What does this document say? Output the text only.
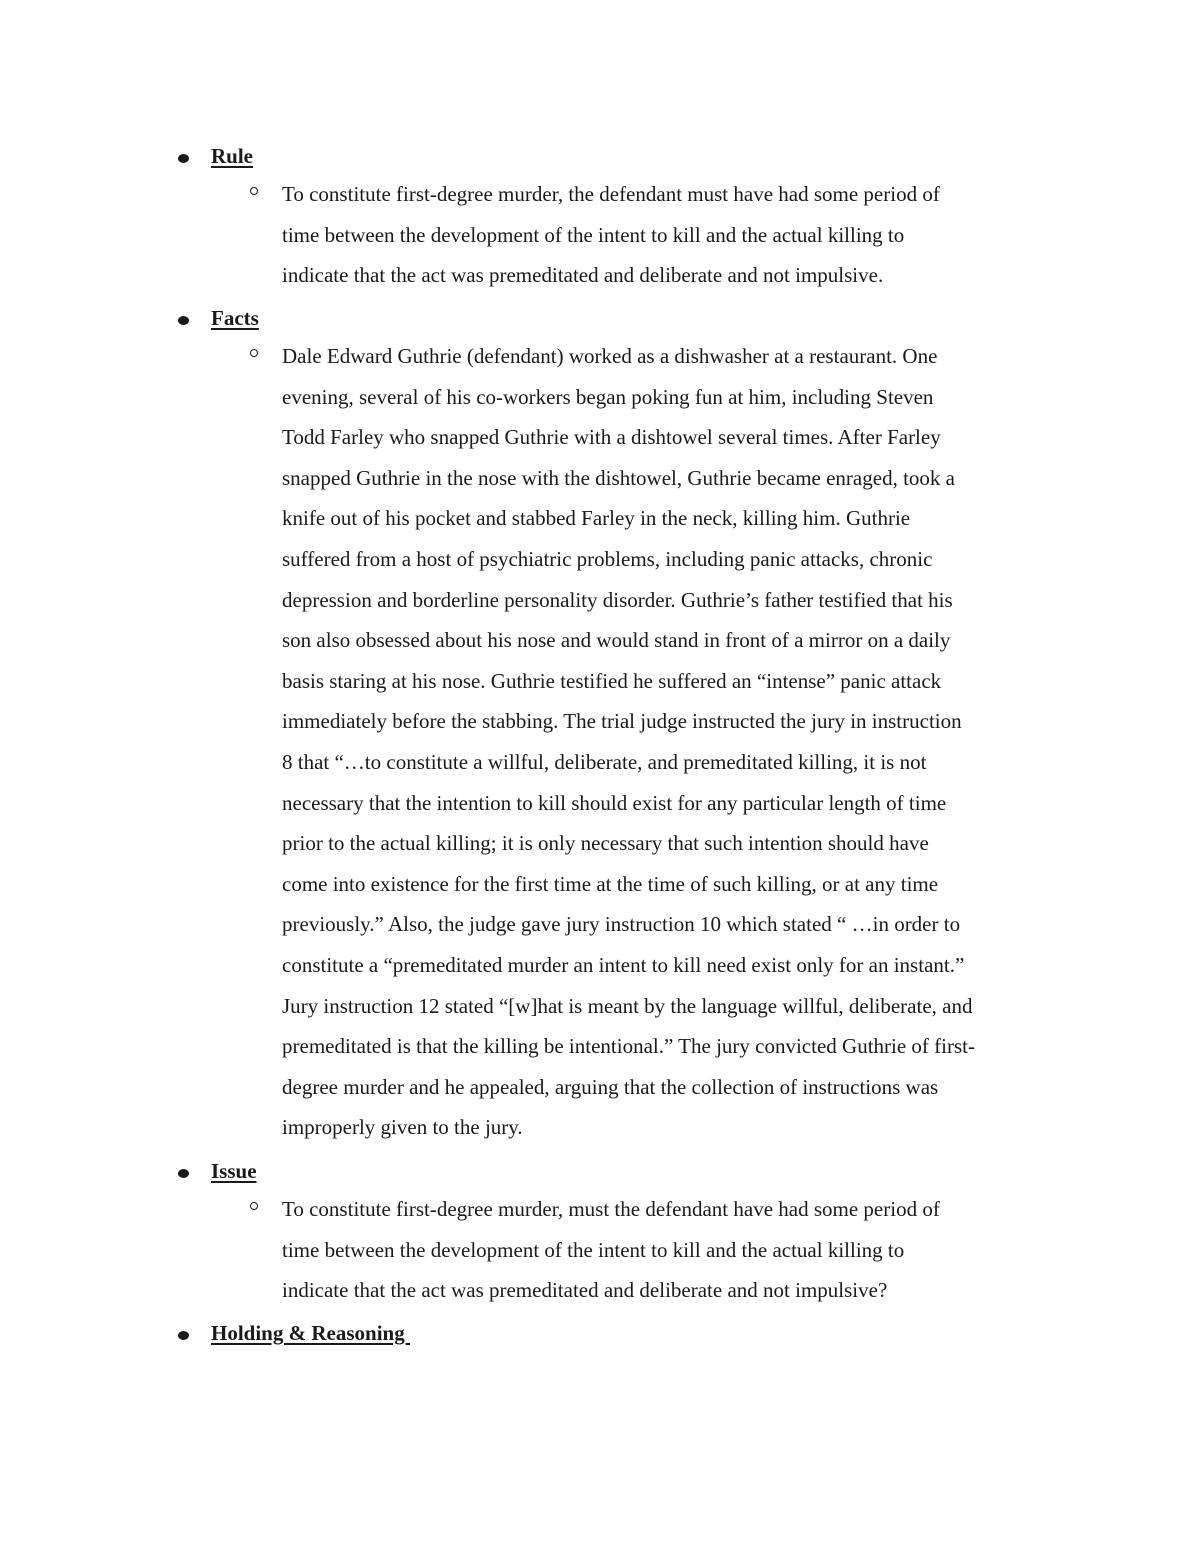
Rule
To constitute first-degree murder, the defendant must have had some period of
time between the development of the intent to kill and the actual killing to
indicate that the act was premeditated and deliberate and not impulsive.
Facts
Dale Edward Guthrie (defendant) worked as a dishwasher at a restaurant. One
evening, several of his co-workers began poking fun at him, including Steven
Todd Farley who snapped Guthrie with a dishtowel several times. After Farley
snapped Guthrie in the nose with the dishtowel, Guthrie became enraged, took a
knife out of his pocket and stabbed Farley in the neck, killing him. Guthrie
suffered from a host of psychiatric problems, including panic attacks, chronic
depression and borderline personality disorder. Guthrie’s father testified that his
son also obsessed about his nose and would stand in front of a mirror on a daily
basis staring at his nose. Guthrie testified he suffered an “intense” panic attack
immediately before the stabbing. The trial judge instructed the jury in instruction
8 that “…to constitute a willful, deliberate, and premeditated killing, it is not
necessary that the intention to kill should exist for any particular length of time
prior to the actual killing; it is only necessary that such intention should have
come into existence for the first time at the time of such killing, or at any time
previously.” Also, the judge gave jury instruction 10 which stated “ …in order to
constitute a “premeditated murder an intent to kill need exist only for an instant.”
Jury instruction 12 stated “[w]hat is meant by the language willful, deliberate, and
premeditated is that the killing be intentional.” The jury convicted Guthrie of first-
degree murder and he appealed, arguing that the collection of instructions was
improperly given to the jury.
Issue
To constitute first-degree murder, must the defendant have had some period of
time between the development of the intent to kill and the actual killing to
indicate that the act was premeditated and deliberate and not impulsive?
Holding & Reasoning
